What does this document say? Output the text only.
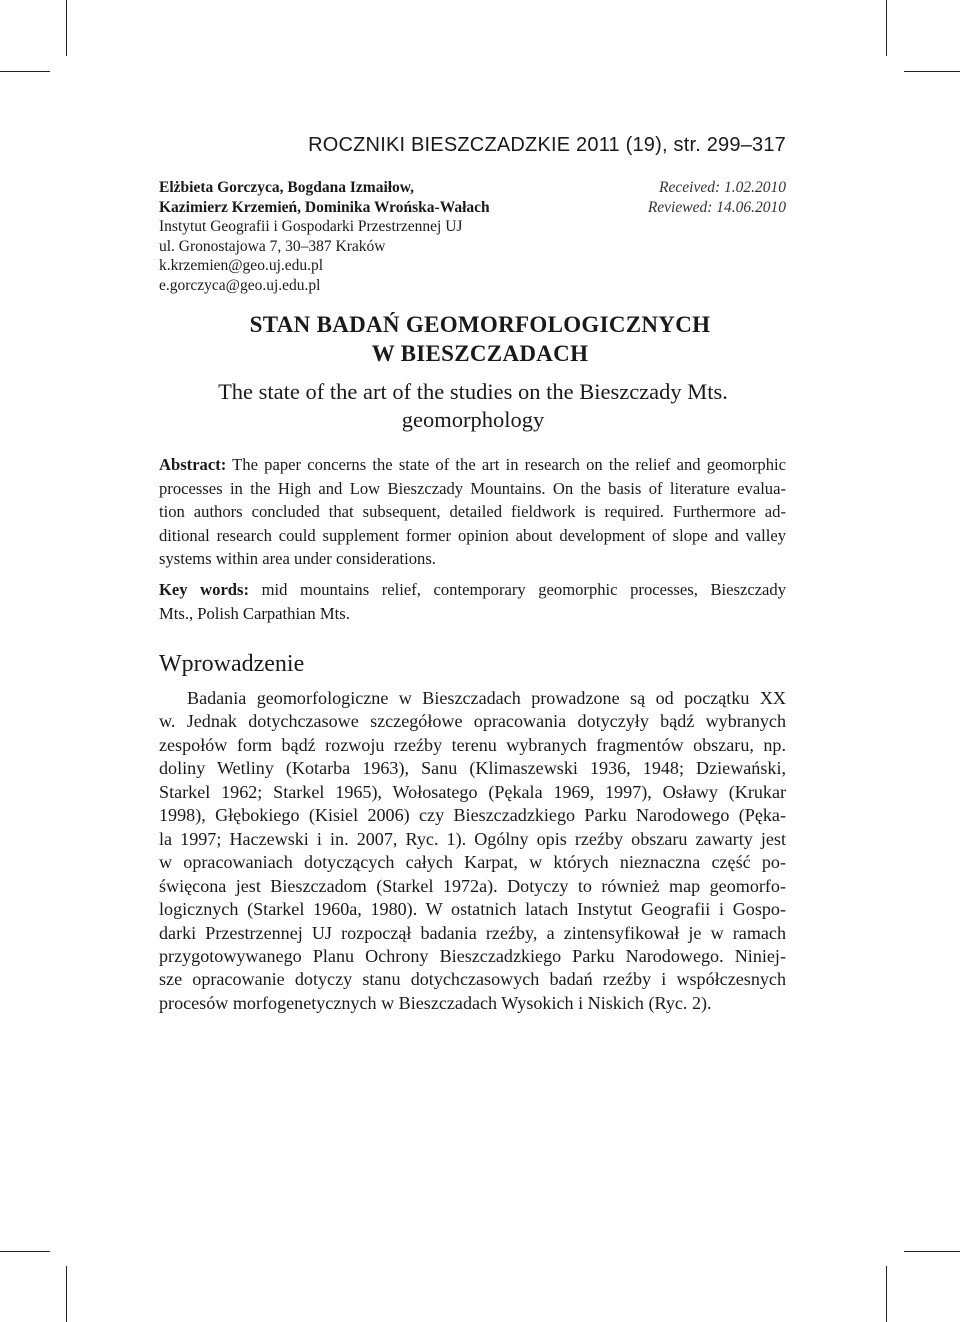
ROCZNIKI BIESZCZADZKIE 2011 (19), str. 299–317
Elżbieta Gorczyca, Bogdana Izmaiłow,
Kazimierz Krzemień, Dominika Wrońska-Wałach
Instytut Geografii i Gospodarki Przestrzennej UJ
ul. Gronostajowa 7, 30–387 Kraków
k.krzemien@geo.uj.edu.pl
e.gorczyca@geo.uj.edu.pl
Received: 1.02.2010
Reviewed: 14.06.2010
STAN BADAŃ GEOMORFOLOGICZNYCH
W BIESZCZADACH
The state of the art of the studies on the Bieszczady Mts.
geomorphology
Abstract: The paper concerns the state of the art in research on the relief and geomorphic
processes in the High and Low Bieszczady Mountains. On the basis of literature evalua-
tion authors concluded that subsequent, detailed fieldwork is required. Furthermore ad-
ditional research could supplement former opinion about development of slope and valley
systems within area under considerations.
Key words: mid mountains relief, contemporary geomorphic processes, Bieszczady
Mts., Polish Carpathian Mts.
Wprowadzenie
Badania geomorfologiczne w Bieszczadach prowadzone są od początku XX
w. Jednak dotychczasowe szczegółowe opracowania dotyczyły bądź wybranych
zespołów form bądź rozwoju rzeźby terenu wybranych fragmentów obszaru, np.
doliny Wetliny (Kotarba 1963), Sanu (Klimaszewski 1936, 1948; Dziewański,
Starkel 1962; Starkel 1965), Wołosatego (Pękala 1969, 1997), Osławy (Krukar
1998), Głębokiego (Kisiel 2006) czy Bieszczadzkiego Parku Narodowego (Pęka-
la 1997; Haczewski i in. 2007, Ryc. 1). Ogólny opis rzeźby obszaru zawarty jest
w opracowaniach dotyczących całych Karpat, w których nieznaczna część po-
święcona jest Bieszczadom (Starkel 1972a). Dotyczy to również map geomorfo-
logicznych (Starkel 1960a, 1980). W ostatnich latach Instytut Geografii i Gospo-
darki Przestrzennej UJ rozpoczął badania rzeźby, a zintensyfikował je w ramach
przygotowywanego Planu Ochrony Bieszczadzkiego Parku Narodowego. Niniej-
sze opracowanie dotyczy stanu dotychczasowych badań rzeźby i współczesnych
procesów morfogenetycznych w Bieszczadach Wysokich i Niskich (Ryc. 2).
